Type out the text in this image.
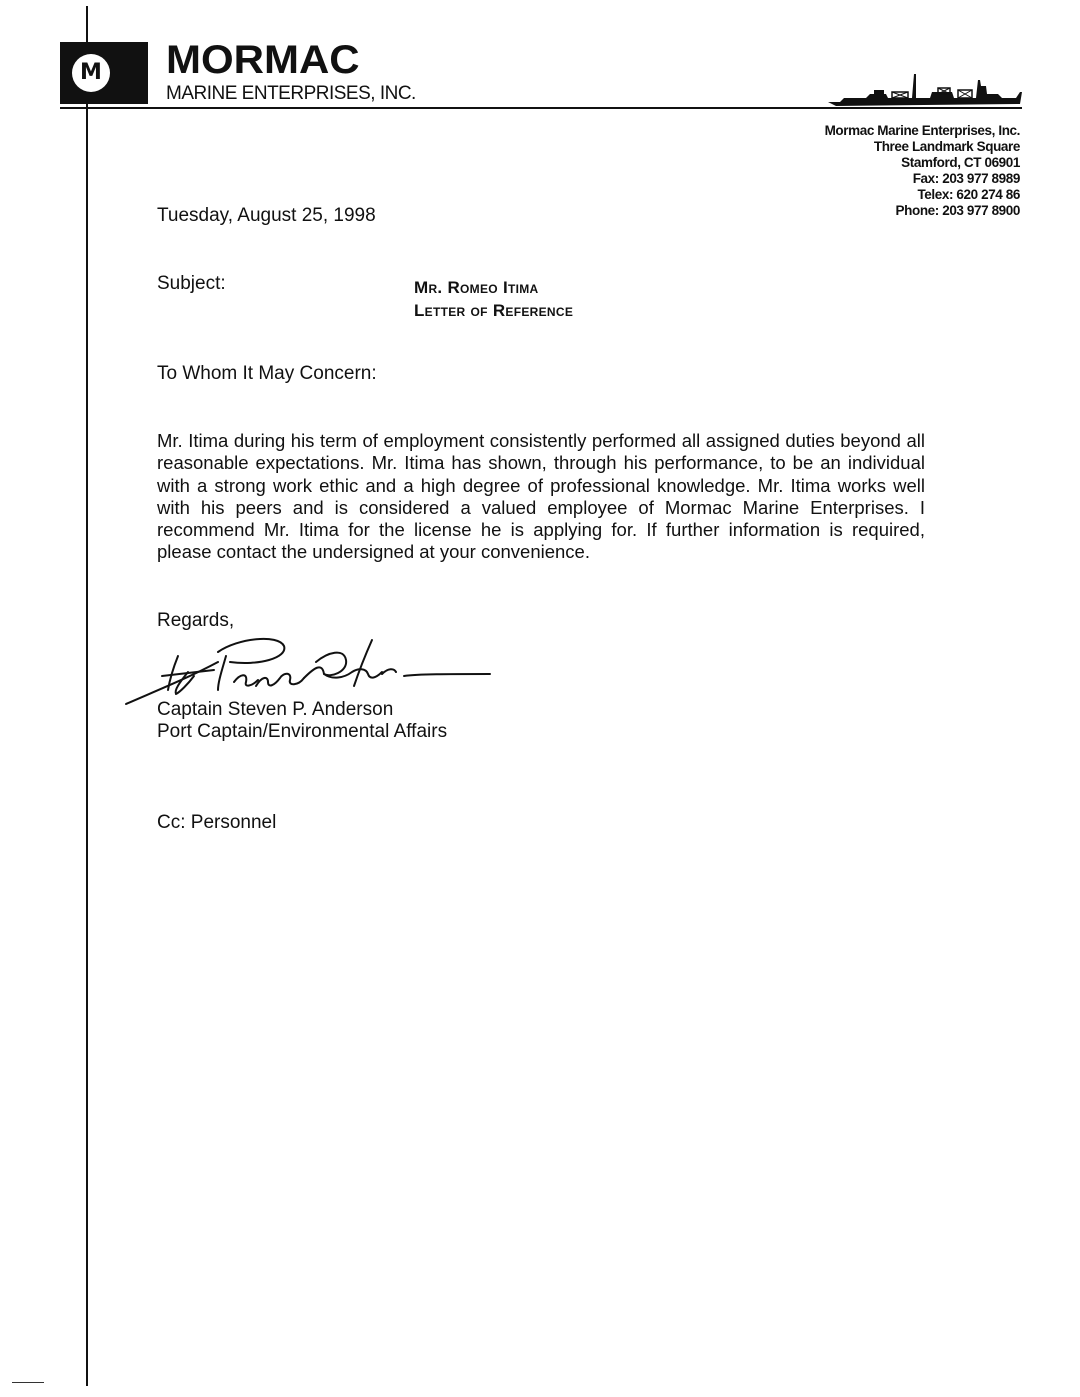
M MORMAC
MARINE ENTERPRISES, INC.
Mormac Marine Enterprises, Inc.
Three Landmark Square
Stamford, CT 06901
Fax: 203 977 8989
Telex: 620 274 86
Phone: 203 977 8900
Tuesday, August 25, 1998
Subject:	Mr. Romeo Itima
Letter of Reference
To Whom It May Concern:
Mr. Itima during his term of employment consistently performed all assigned duties beyond all reasonable expectations. Mr. Itima has shown, through his performance, to be an individual with a strong work ethic and a high degree of professional knowledge. Mr. Itima works well with his peers and is considered a valued employee of Mormac Marine Enterprises. I recommend Mr. Itima for the license he is applying for. If further information is required, please contact the undersigned at your convenience.
Regards,
Captain Steven P. Anderson
Port Captain/Environmental Affairs
Cc: Personnel
